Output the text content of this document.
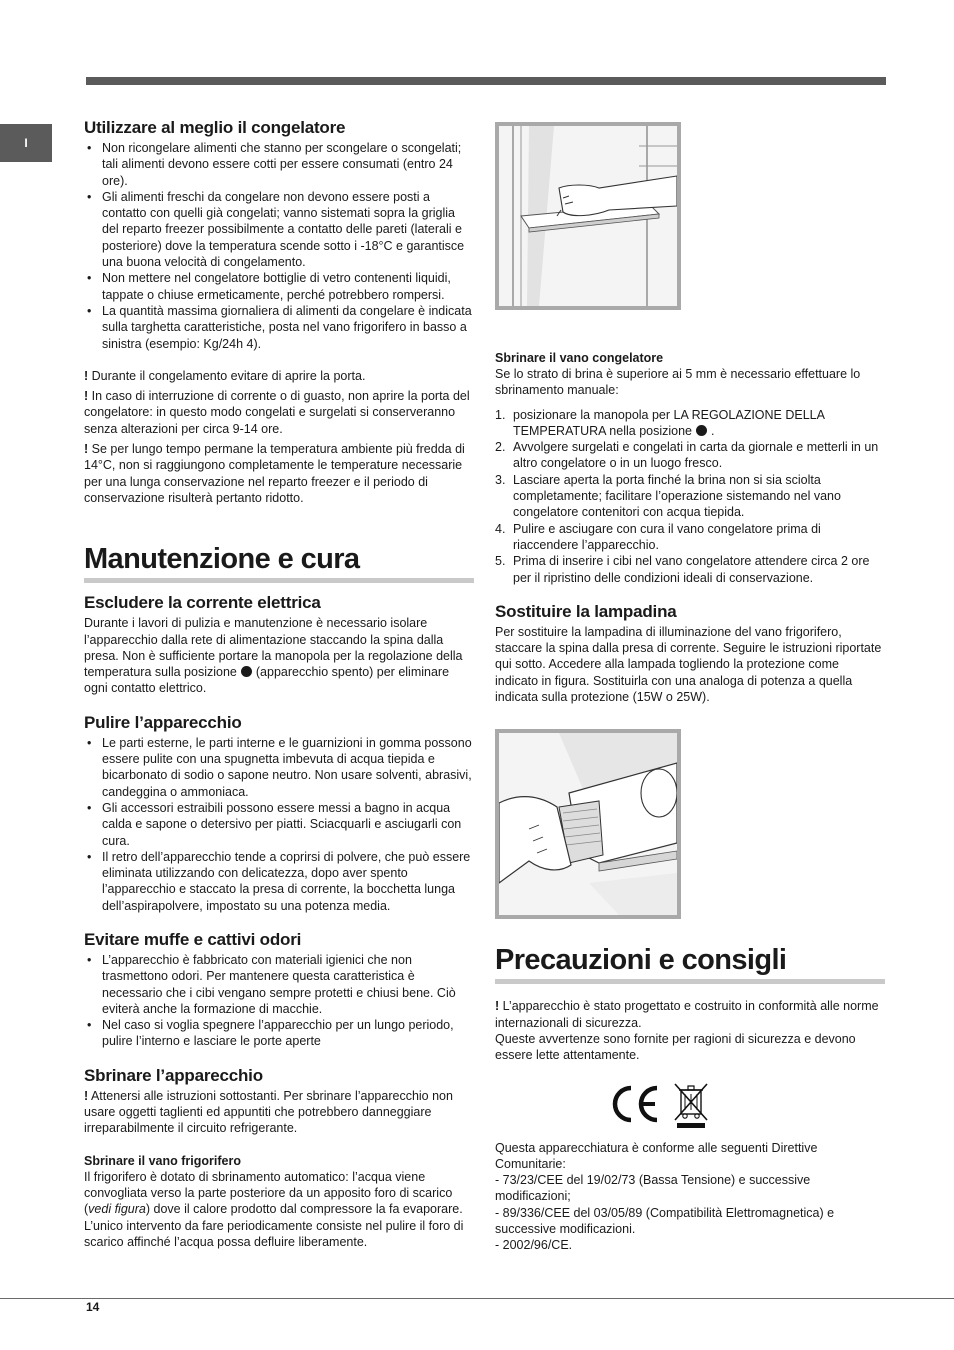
I
Utilizzare al meglio il congelatore
• Non ricongelare alimenti che stanno per scongelare o scongelati; tali alimenti devono essere cotti per essere consumati (entro 24 ore).
• Gli alimenti freschi da congelare non devono essere posti a contatto con quelli già congelati; vanno sistemati sopra la griglia del reparto freezer possibilmente a contatto delle pareti (laterali e posteriore) dove la temperatura scende sotto i -18°C e garantisce una buona velocità di congelamento.
• Non mettere nel congelatore bottiglie di vetro contenenti liquidi, tappate o chiuse ermeticamente, perché potrebbero rompersi.
• La quantità massima giornaliera di alimenti da congelare è indicata sulla targhetta caratteristiche, posta nel vano frigorifero in basso a sinistra (esempio: Kg/24h 4).

! Durante il congelamento evitare di aprire la porta.

! In caso di interruzione di corrente o di guasto, non aprire la porta del congelatore: in questo modo congelati e surgelati si conserveranno senza alterazioni per circa 9-14 ore.

! Se per lungo tempo permane la temperatura ambiente più fredda di 14°C, non si raggiungono completamente le temperature necessarie per una lunga conservazione nel reparto freezer e il periodo di conservazione risulterà pertanto ridotto.

Manutenzione e cura
Escludere la corrente elettrica

Durante i lavori di pulizia e manutenzione è necessario isolare l’apparecchio dalla rete di alimentazione staccando la spina dalla presa. Non è sufficiente portare la manopola per la regolazione della temperatura sulla posizione (apparecchio spento) per eliminare ogni contatto elettrico.

Pulire l’apparecchio
• Le parti esterne, le parti interne e le guarnizioni in gomma possono essere pulite con una spugnetta imbevuta di acqua tiepida e bicarbonato di sodio o sapone neutro. Non usare solventi, abrasivi, candeggina o ammoniaca.
• Gli accessori estraibili possono essere messi a bagno in acqua calda e sapone o detersivo per piatti. Sciacquarli e asciugarli con cura.
• Il retro dell’apparecchio tende a coprirsi di polvere, che può essere eliminata utilizzando con delicatezza, dopo aver spento l’apparecchio e staccato la presa di corrente, la bocchetta lunga dell’aspirapolvere, impostato su una potenza media.
Evitare muffe e cattivi odori
• L’apparecchio è fabbricato con materiali igienici che non trasmettono odori. Per mantenere questa caratteristica è necessario che i cibi vengano sempre protetti e chiusi bene. Ciò eviterà anche la formazione di macchie.
• Nel caso si voglia spegnere l’apparecchio per un lungo periodo, pulire l’interno e lasciare le porte aperte
Sbrinare l’apparecchio

! Attenersi alle istruzioni sottostanti. Per sbrinare l’apparecchio non usare oggetti taglienti ed appuntiti che potrebbero danneggiare irreparabilmente il circuito refrigerante.

Sbrinare il vano frigorifero

Il frigorifero è dotato di sbrinamento automatico: l’acqua viene convogliata verso la parte posteriore da un apposito foro di scarico (vedi figura) dove il calore prodotto dal compressore la fa evaporare. L’unico intervento da fare periodicamente consiste nel pulire il foro di scarico affinché l’acqua possa defluire liberamente.

Sbrinare il vano congelatore

Se lo strato di brina è superiore ai 5 mm è necessario effettuare lo sbrinamento manuale:

1. posizionare la manopola per LA REGOLAZIONE DELLA TEMPERATURA nella posizione .
2. Avvolgere surgelati e congelati in carta da giornale e metterli in un altro congelatore o in un luogo fresco.
3. Lasciare aperta la porta finché la brina non si sia sciolta completamente; facilitare l’operazione sistemando nel vano congelatore contenitori con acqua tiepida.
4. Pulire e asciugare con cura il vano congelatore prima di riaccendere l’apparecchio.
5. Prima di inserire i cibi nel vano congelatore attendere circa 2 ore per il ripristino delle condizioni ideali di conservazione.
Sostituire la lampadina

Per sostituire la lampadina di illuminazione del vano frigorifero, staccare la spina dalla presa di corrente. Seguire le istruzioni riportate qui sotto. Accedere alla lampada togliendo la protezione come indicato in figura. Sostituirla con una analoga di potenza a quella indicata sulla protezione (15W o 25W).

Precauzioni e consigli

! L’apparecchio è stato progettato e costruito in conformità alle norme internazionali di sicurezza.

Queste avvertenze sono fornite per ragioni di sicurezza e devono essere lette attentamente.

Questa apparecchiatura è conforme alle seguenti Direttive Comunitarie:

- 73/23/CEE del 19/02/73 (Bassa Tensione) e successive modificazioni;

- 89/336/CEE del 03/05/89 (Compatibilità Elettromagnetica) e successive modificazioni.

- 2002/96/CE.

14
